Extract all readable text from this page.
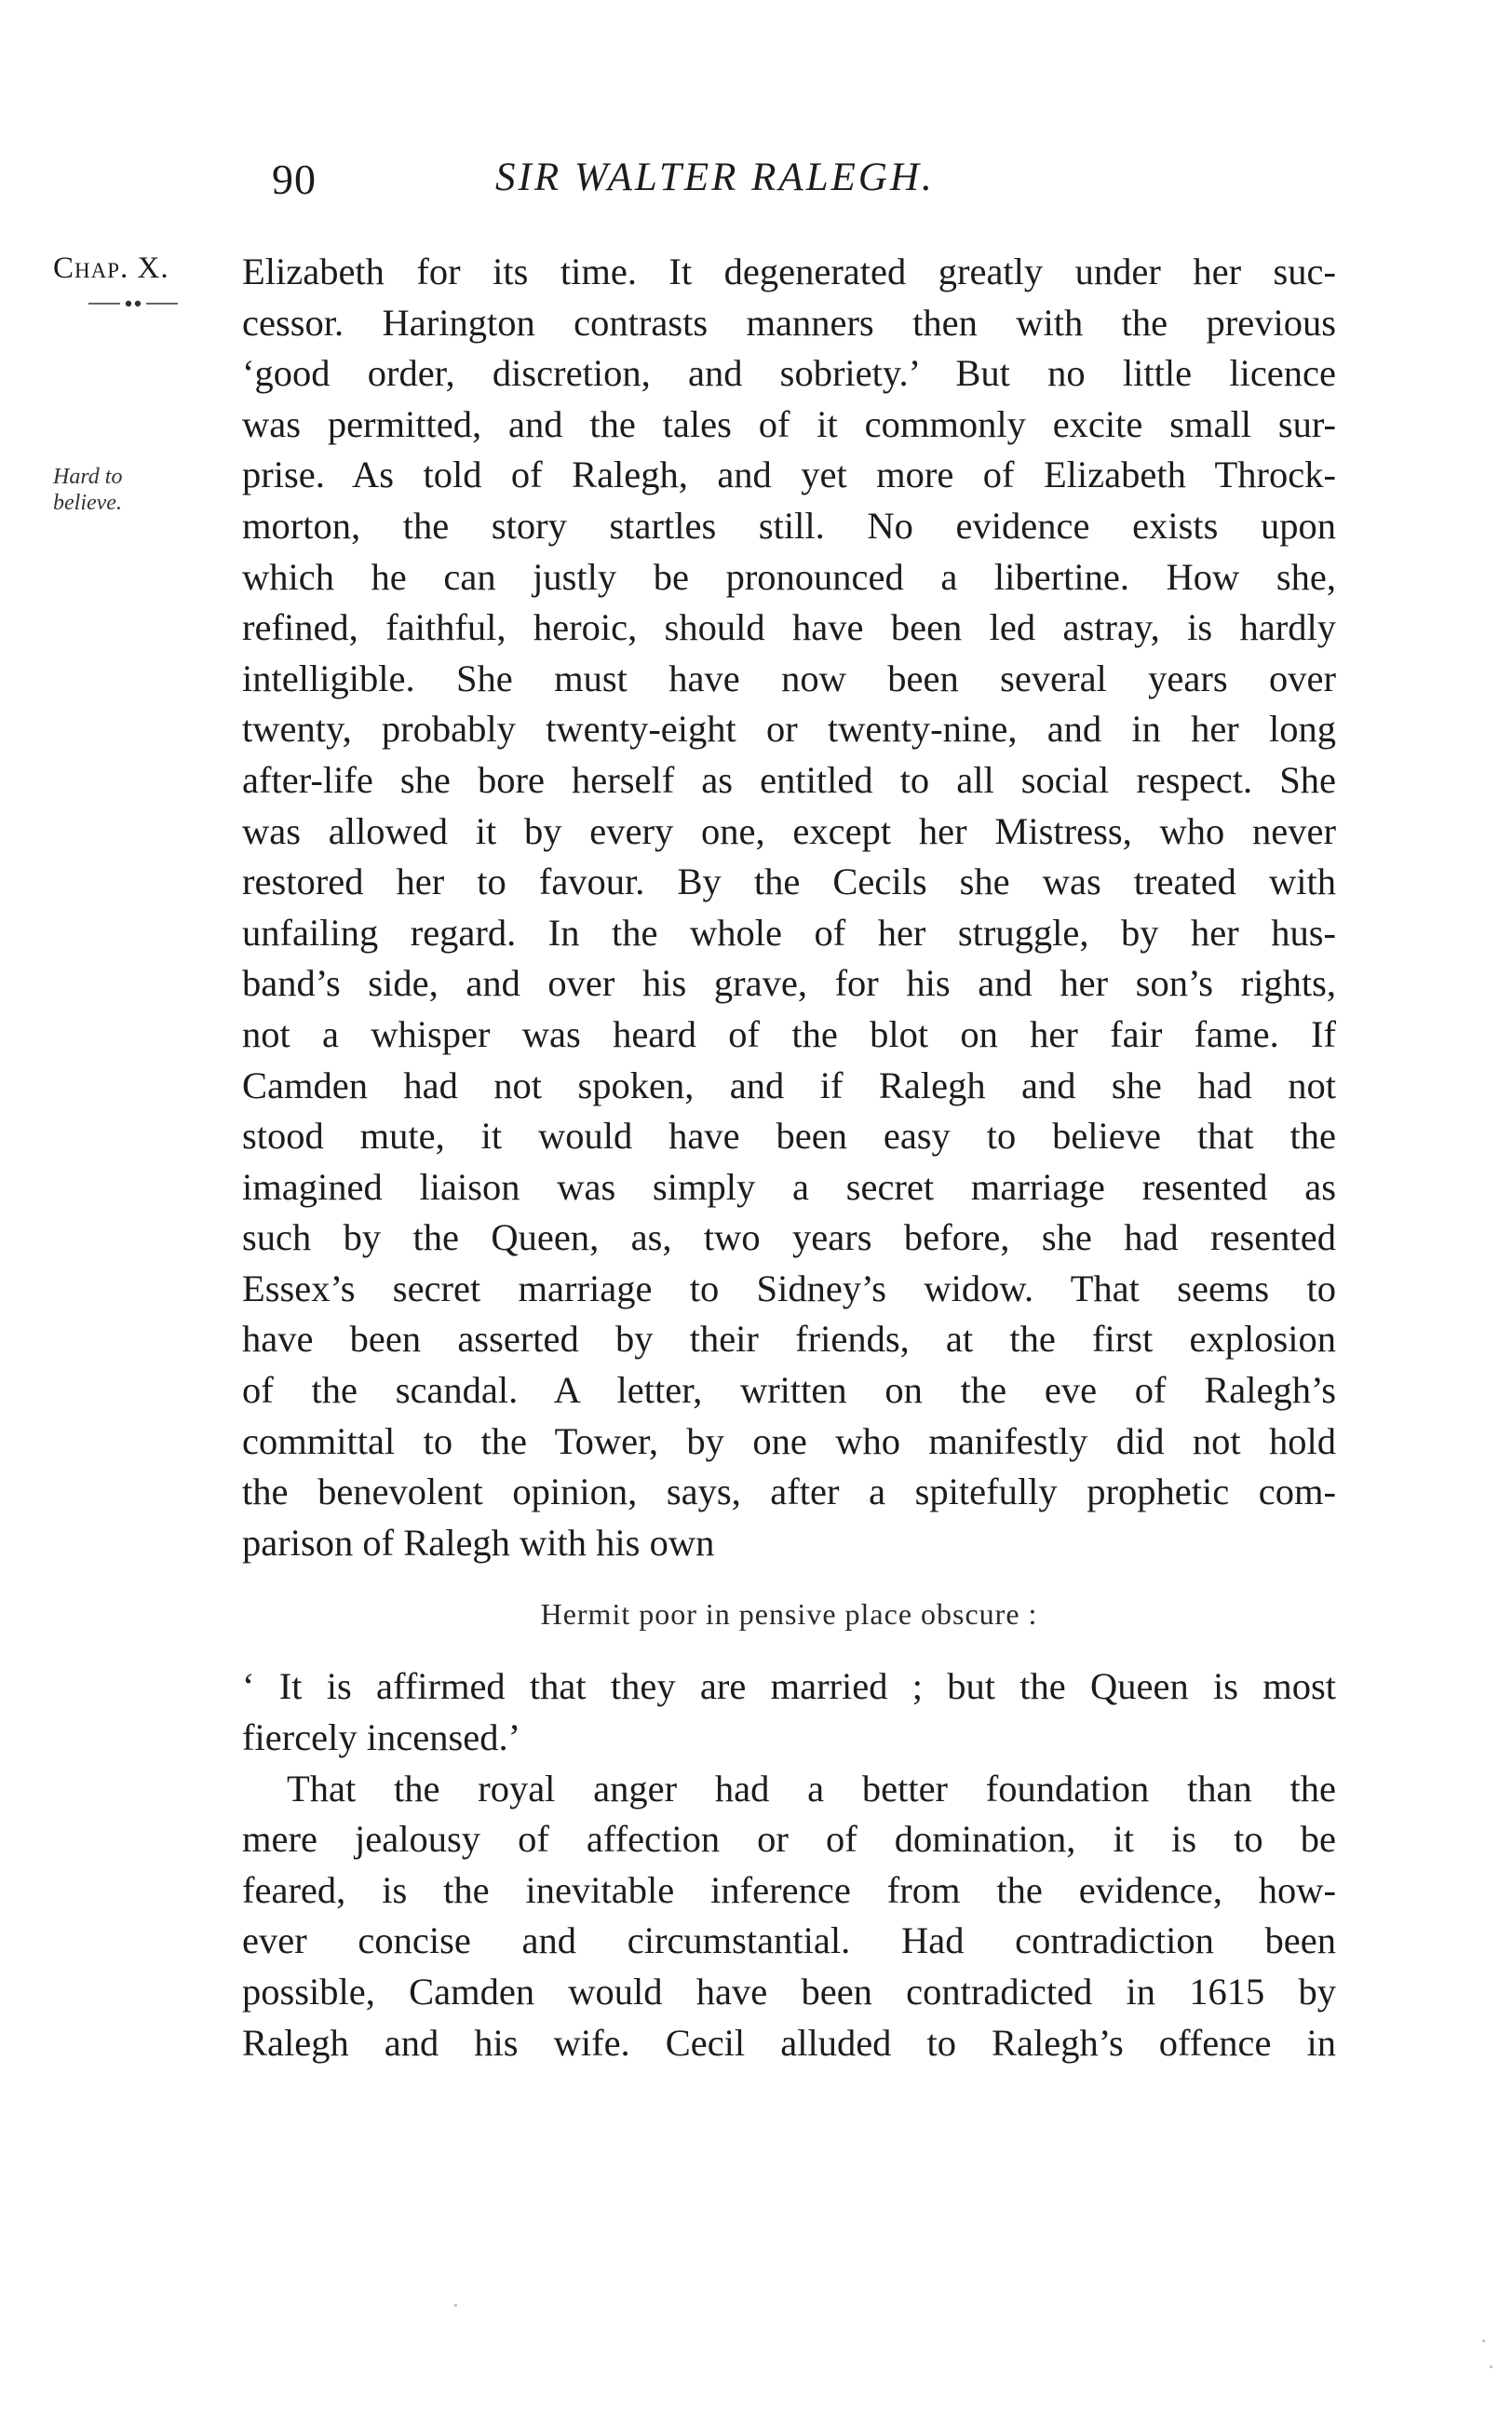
90	SIR WALTER RALEGH.
Chap. X.
Hard to
believe.
Elizabeth for its time. It degenerated greatly under her suc-
cessor. Harington contrasts manners then with the previous
‘good order, discretion, and sobriety.’ But no little licence
was permitted, and the tales of it commonly excite small sur-
prise. As told of Ralegh, and yet more of Elizabeth Throck-
morton, the story startles still. No evidence exists upon
which he can justly be pronounced a libertine. How she,
refined, faithful, heroic, should have been led astray, is hardly
intelligible. She must have now been several years over
twenty, probably twenty-eight or twenty-nine, and in her long
after-life she bore herself as entitled to all social respect. She
was allowed it by every one, except her Mistress, who never
restored her to favour. By the Cecils she was treated with
unfailing regard. In the whole of her struggle, by her hus-
band’s side, and over his grave, for his and her son’s rights,
not a whisper was heard of the blot on her fair fame. If
Camden had not spoken, and if Ralegh and she had not
stood mute, it would have been easy to believe that the
imagined liaison was simply a secret marriage resented as
such by the Queen, as, two years before, she had resented
Essex’s secret marriage to Sidney’s widow. That seems to
have been asserted by their friends, at the first explosion
of the scandal. A letter, written on the eve of Ralegh’s
committal to the Tower, by one who manifestly did not hold
the benevolent opinion, says, after a spitefully prophetic com-
parison of Ralegh with his own
Hermit poor in pensive place obscure :
‘ It is affirmed that they are married ; but the Queen is most
fiercely incensed.’
That the royal anger had a better foundation than the
mere jealousy of affection or of domination, it is to be
feared, is the inevitable inference from the evidence, how-
ever concise and circumstantial. Had contradiction been
possible, Camden would have been contradicted in 1615 by
Ralegh and his wife. Cecil alluded to Ralegh’s offence in
